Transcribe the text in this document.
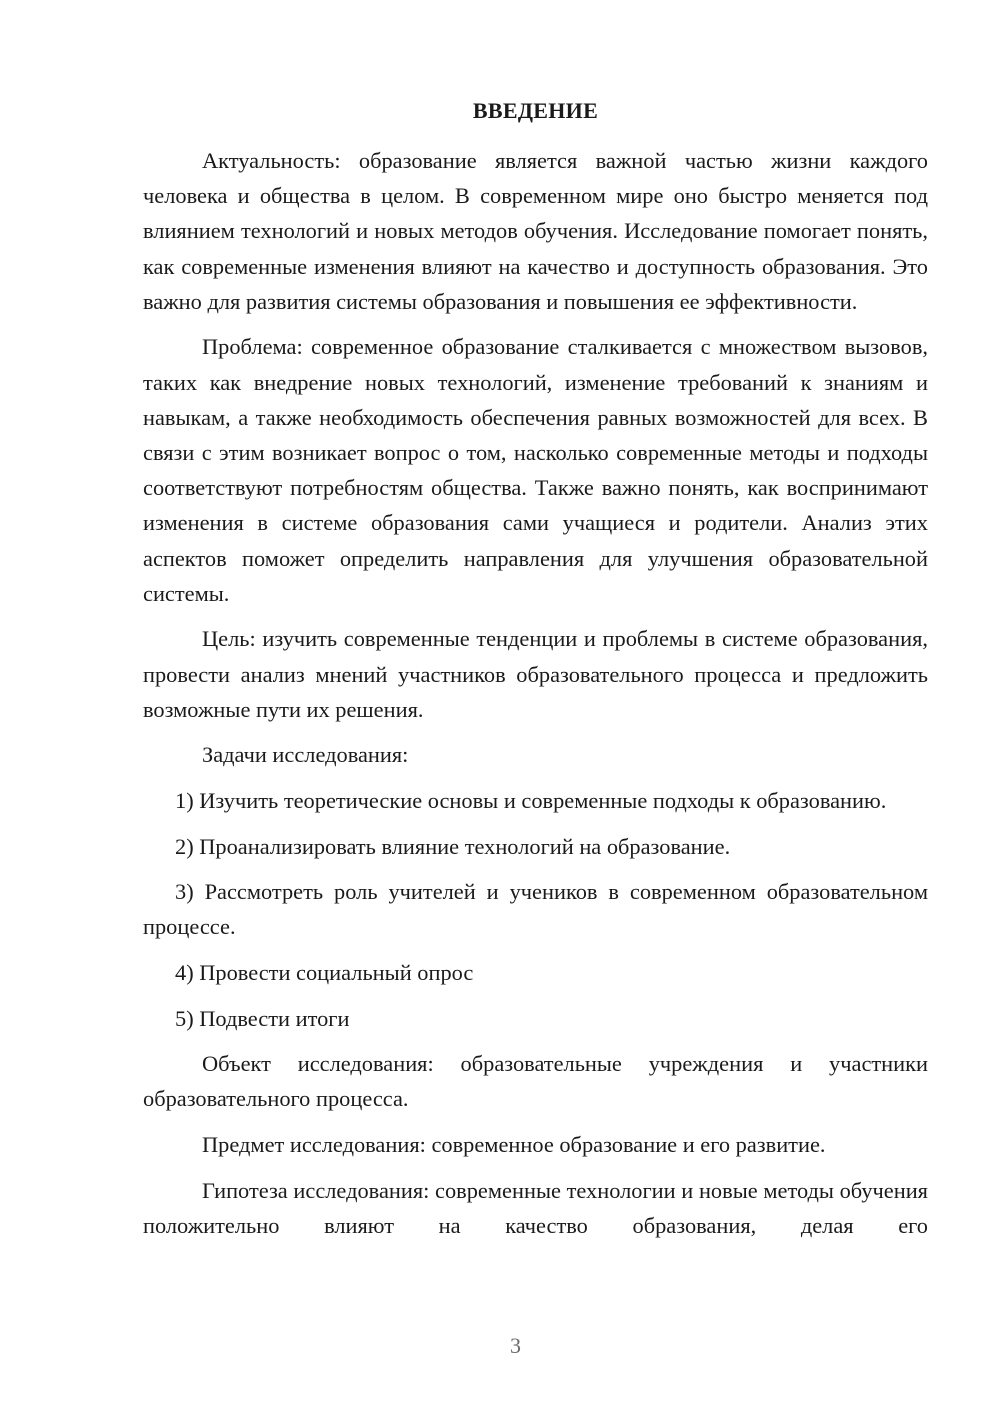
ВВЕДЕНИЕ

Актуальность: образование является важной частью жизни каждого человека и общества в целом. В современном мире оно быстро меняется под влиянием технологий и новых методов обучения. Исследование помогает понять, как современные изменения влияют на качество и доступность образования. Это важно для развития системы образования и повышения ее эффективности.

Проблема: современное образование сталкивается с множеством вызовов, таких как внедрение новых технологий, изменение требований к знаниям и навыкам, а также необходимость обеспечения равных возможностей для всех. В связи с этим возникает вопрос о том, насколько современные методы и подходы соответствуют потребностям общества. Также важно понять, как воспринимают изменения в системе образования сами учащиеся и родители. Анализ этих аспектов поможет определить направления для улучшения образовательной системы.

Цель: изучить современные тенденции и проблемы в системе образования, провести анализ мнений участников образовательного процесса и предложить возможные пути их решения.

Задачи исследования:

1) Изучить теоретические основы и современные подходы к образованию.

2) Проанализировать влияние технологий на образование.

3) Рассмотреть роль учителей и учеников в современном образовательном процессе.

4) Провести социальный опрос

5) Подвести итоги

Объект исследования: образовательные учреждения и участники образовательного процесса.

Предмет исследования: современное образование и его развитие.

Гипотеза исследования: современные технологии и новые методы обучения положительно влияют на качество образования, делая его

3
